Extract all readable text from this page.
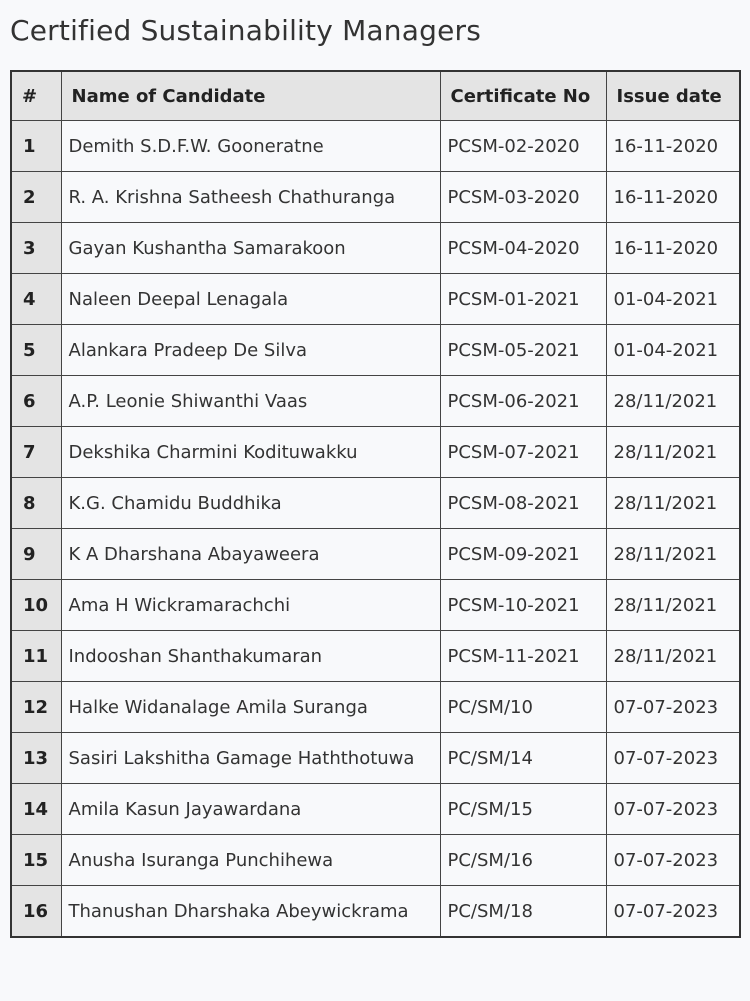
Certified Sustainability Managers
#	Name of Candidate	Certificate No	Issue date
1	Demith S.D.F.W. Gooneratne	PCSM-02-2020	16-11-2020
2	R. A. Krishna Satheesh Chathuranga	PCSM-03-2020	16-11-2020
3	Gayan Kushantha Samarakoon	PCSM-04-2020	16-11-2020
4	Naleen Deepal Lenagala	PCSM-01-2021	01-04-2021
5	Alankara Pradeep De Silva	PCSM-05-2021	01-04-2021
6	A.P. Leonie Shiwanthi Vaas	PCSM-06-2021	28/11/2021
7	Dekshika Charmini Kodituwakku	PCSM-07-2021	28/11/2021
8	K.G. Chamidu Buddhika	PCSM-08-2021	28/11/2021
9	K A Dharshana Abayaweera	PCSM-09-2021	28/11/2021
10	Ama H Wickramarachchi	PCSM-10-2021	28/11/2021
11	Indooshan Shanthakumaran	PCSM-11-2021	28/11/2021
12	Halke Widanalage Amila Suranga	PC/SM/10	07-07-2023
13	Sasiri Lakshitha Gamage Haththotuwa	PC/SM/14	07-07-2023
14	Amila Kasun Jayawardana	PC/SM/15	07-07-2023
15	Anusha Isuranga Punchihewa	PC/SM/16	07-07-2023
16	Thanushan Dharshaka Abeywickrama	PC/SM/18	07-07-2023
